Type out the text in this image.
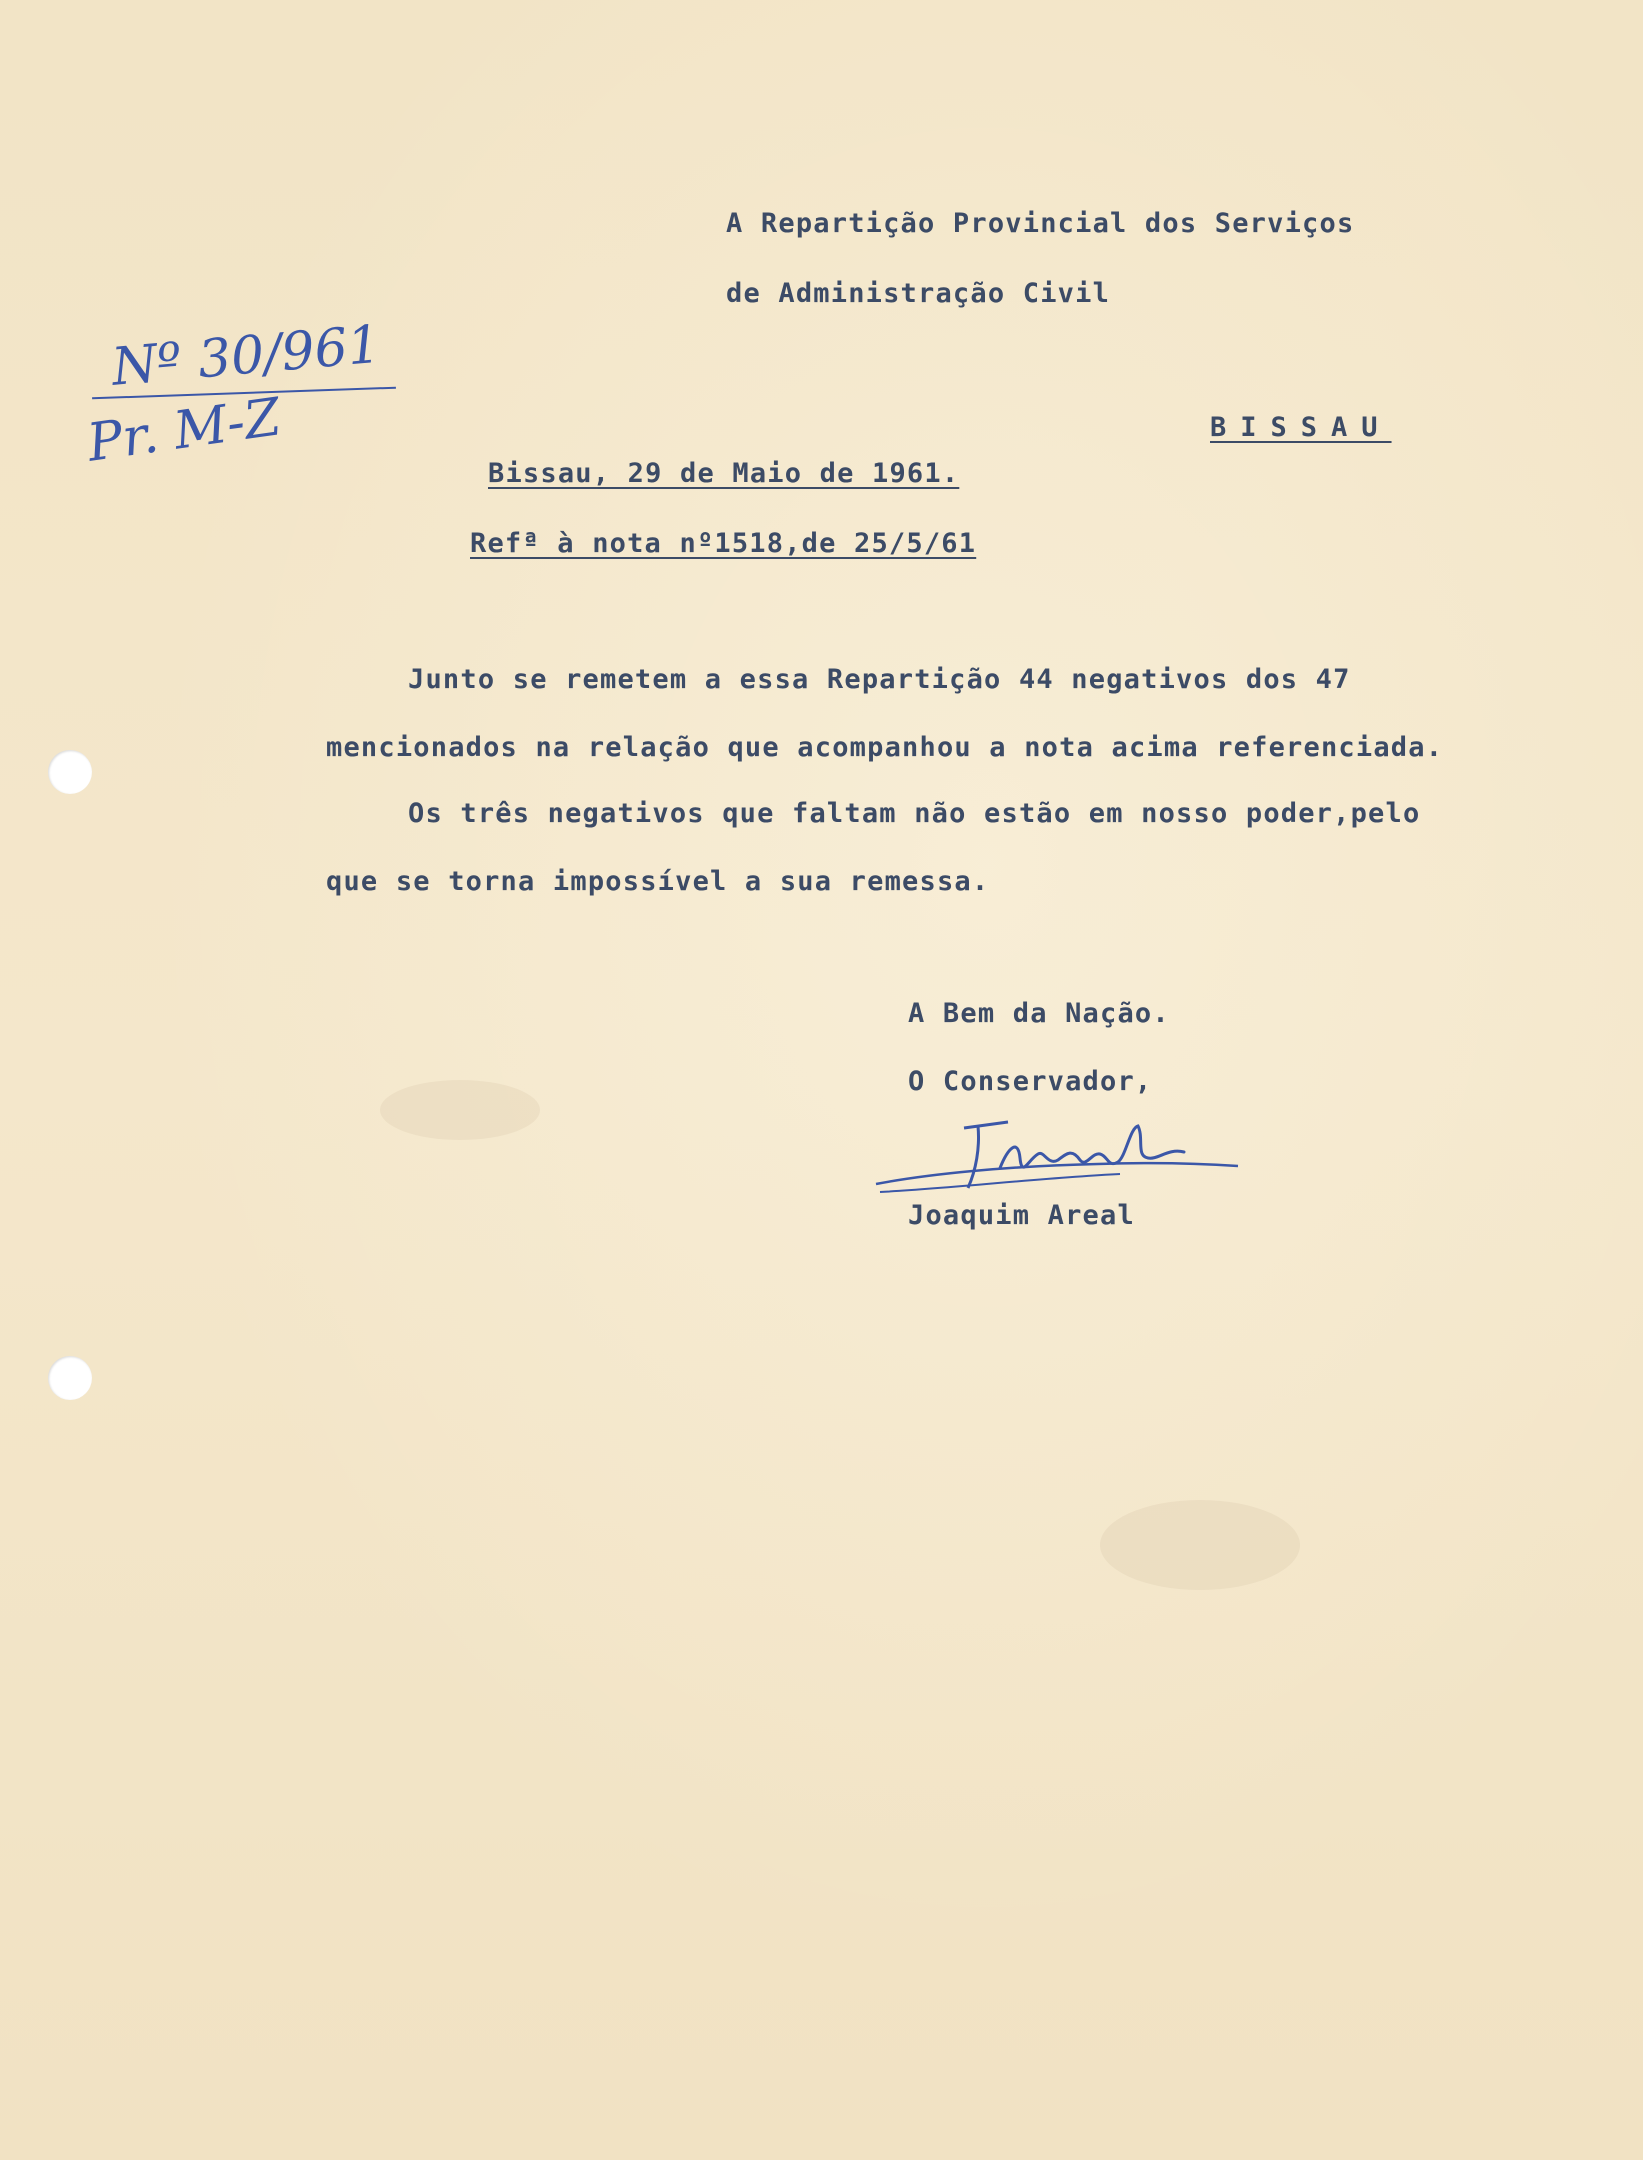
Nº 30/961
Pr. M-Z
A Repartição Provincial dos Serviços
de Administração Civil
BISSAU
Bissau, 29 de Maio de 1961.
Refª à nota nº1518,de 25/5/61
Junto se remetem a essa Repartição 44 negativos dos 47
mencionados na relação que acompanhou a nota acima referenciada.
Os três negativos que faltam não estão em nosso poder,pelo
que se torna impossível a sua remessa.
A Bem da Nação.
O Conservador,
Joaquim Areal
